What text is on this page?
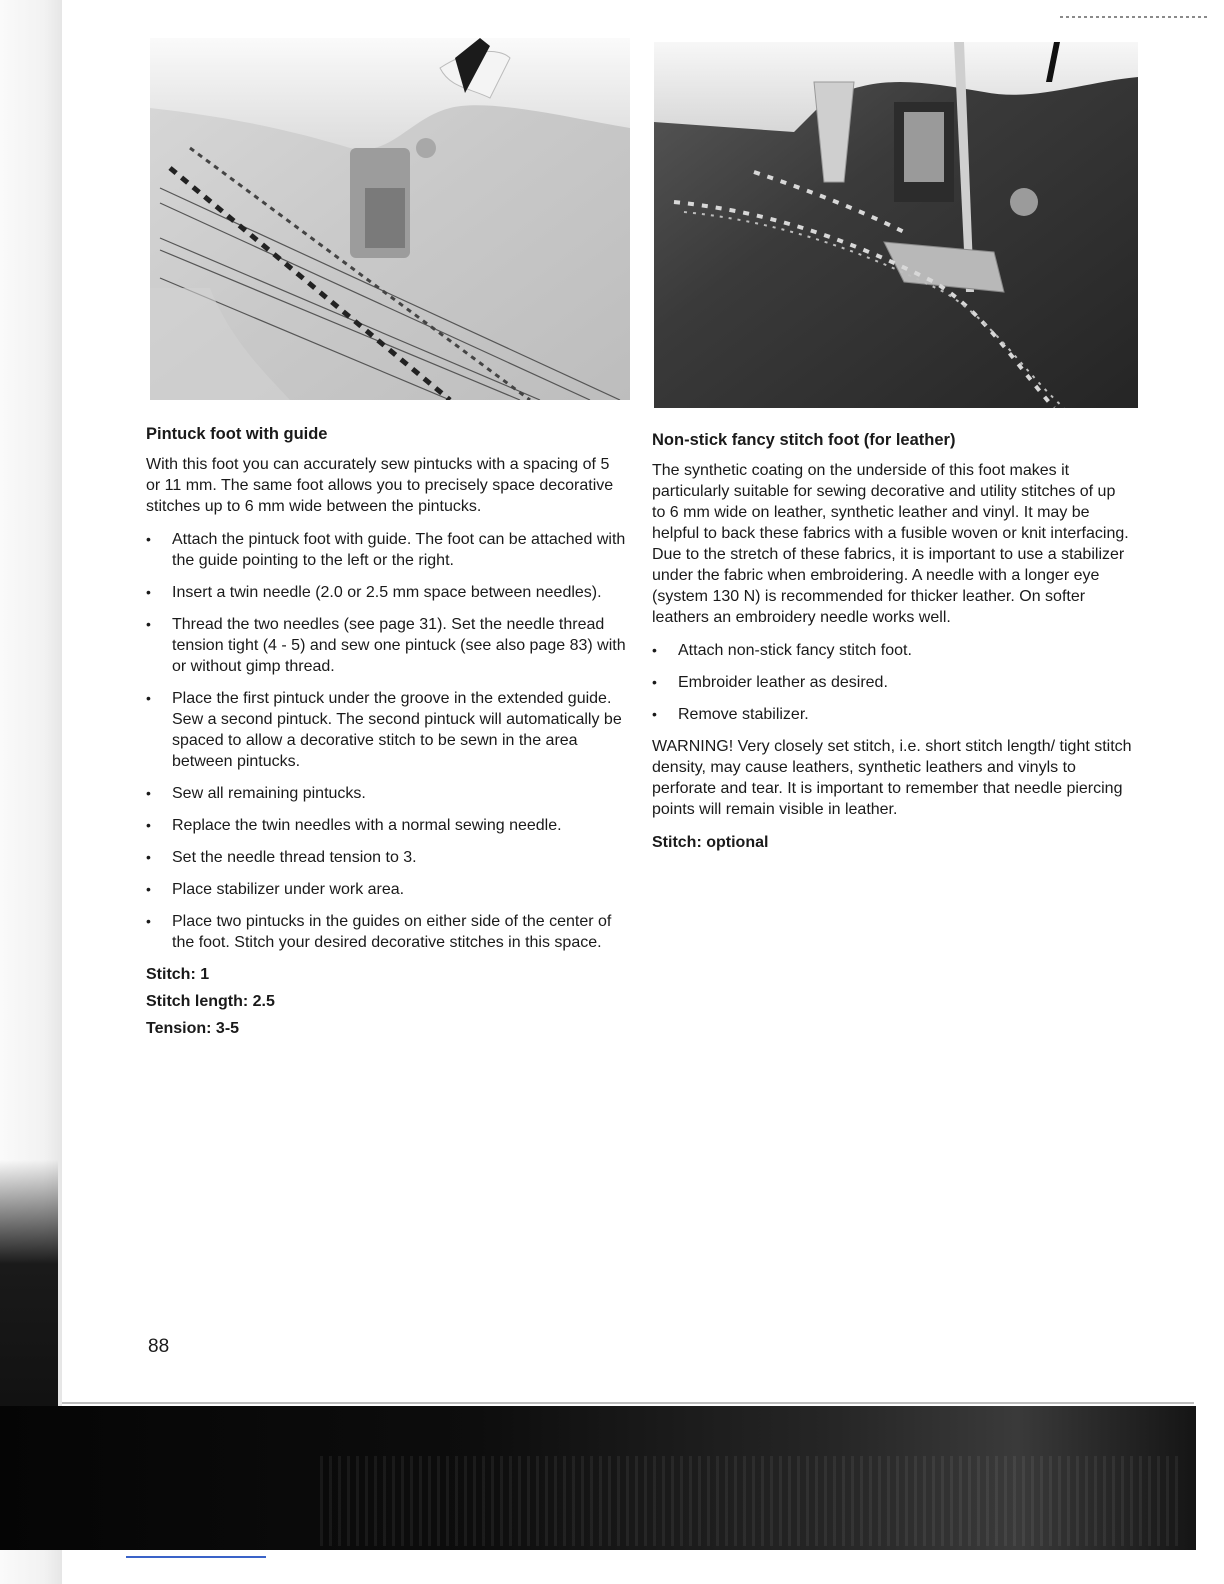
Pintuck foot with guide

With this foot you can accurately sew pintucks with a spacing of 5 or 11 mm. The same foot allows you to precisely space decorative stitches up to 6 mm wide between the pintucks.

• Attach the pintuck foot with guide. The foot can be attached with the guide pointing to the left or the right.
• Insert a twin needle (2.0 or 2.5 mm space between needles).
• Thread the two needles (see page 31). Set the needle thread tension tight (4 - 5) and sew one pintuck (see also page 83) with or without gimp thread.
• Place the first pintuck under the groove in the extended guide. Sew a second pintuck. The second pintuck will automatically be spaced to allow a decorative stitch to be sewn in the area between pintucks.
• Sew all remaining pintucks.
• Replace the twin needles with a normal sewing needle.
• Set the needle thread tension to 3.
• Place stabilizer under work area.
• Place two pintucks in the guides on either side of the center of the foot. Stitch your desired decorative stitches in this space.
Stitch: 1
Stitch length: 2.5
Tension: 3-5
Non-stick fancy stitch foot (for leather)

The synthetic coating on the underside of this foot makes it particularly suitable for sewing decorative and utility stitches of up to 6 mm wide on leather, synthetic leather and vinyl. It may be helpful to back these fabrics with a fusible woven or knit interfacing. Due to the stretch of these fabrics, it is important to use a stabilizer under the fabric when embroidering. A needle with a longer eye (system 130 N) is recommended for thicker leather. On softer leathers an embroidery needle works well.

• Attach non-stick fancy stitch foot.
• Embroider leather as desired.
• Remove stabilizer.

WARNING! Very closely set stitch, i.e. short stitch length/ tight stitch density, may cause leathers, synthetic leathers and vinyls to perforate and tear. It is important to remember that needle piercing points will remain visible in leather.

Stitch: optional
88
